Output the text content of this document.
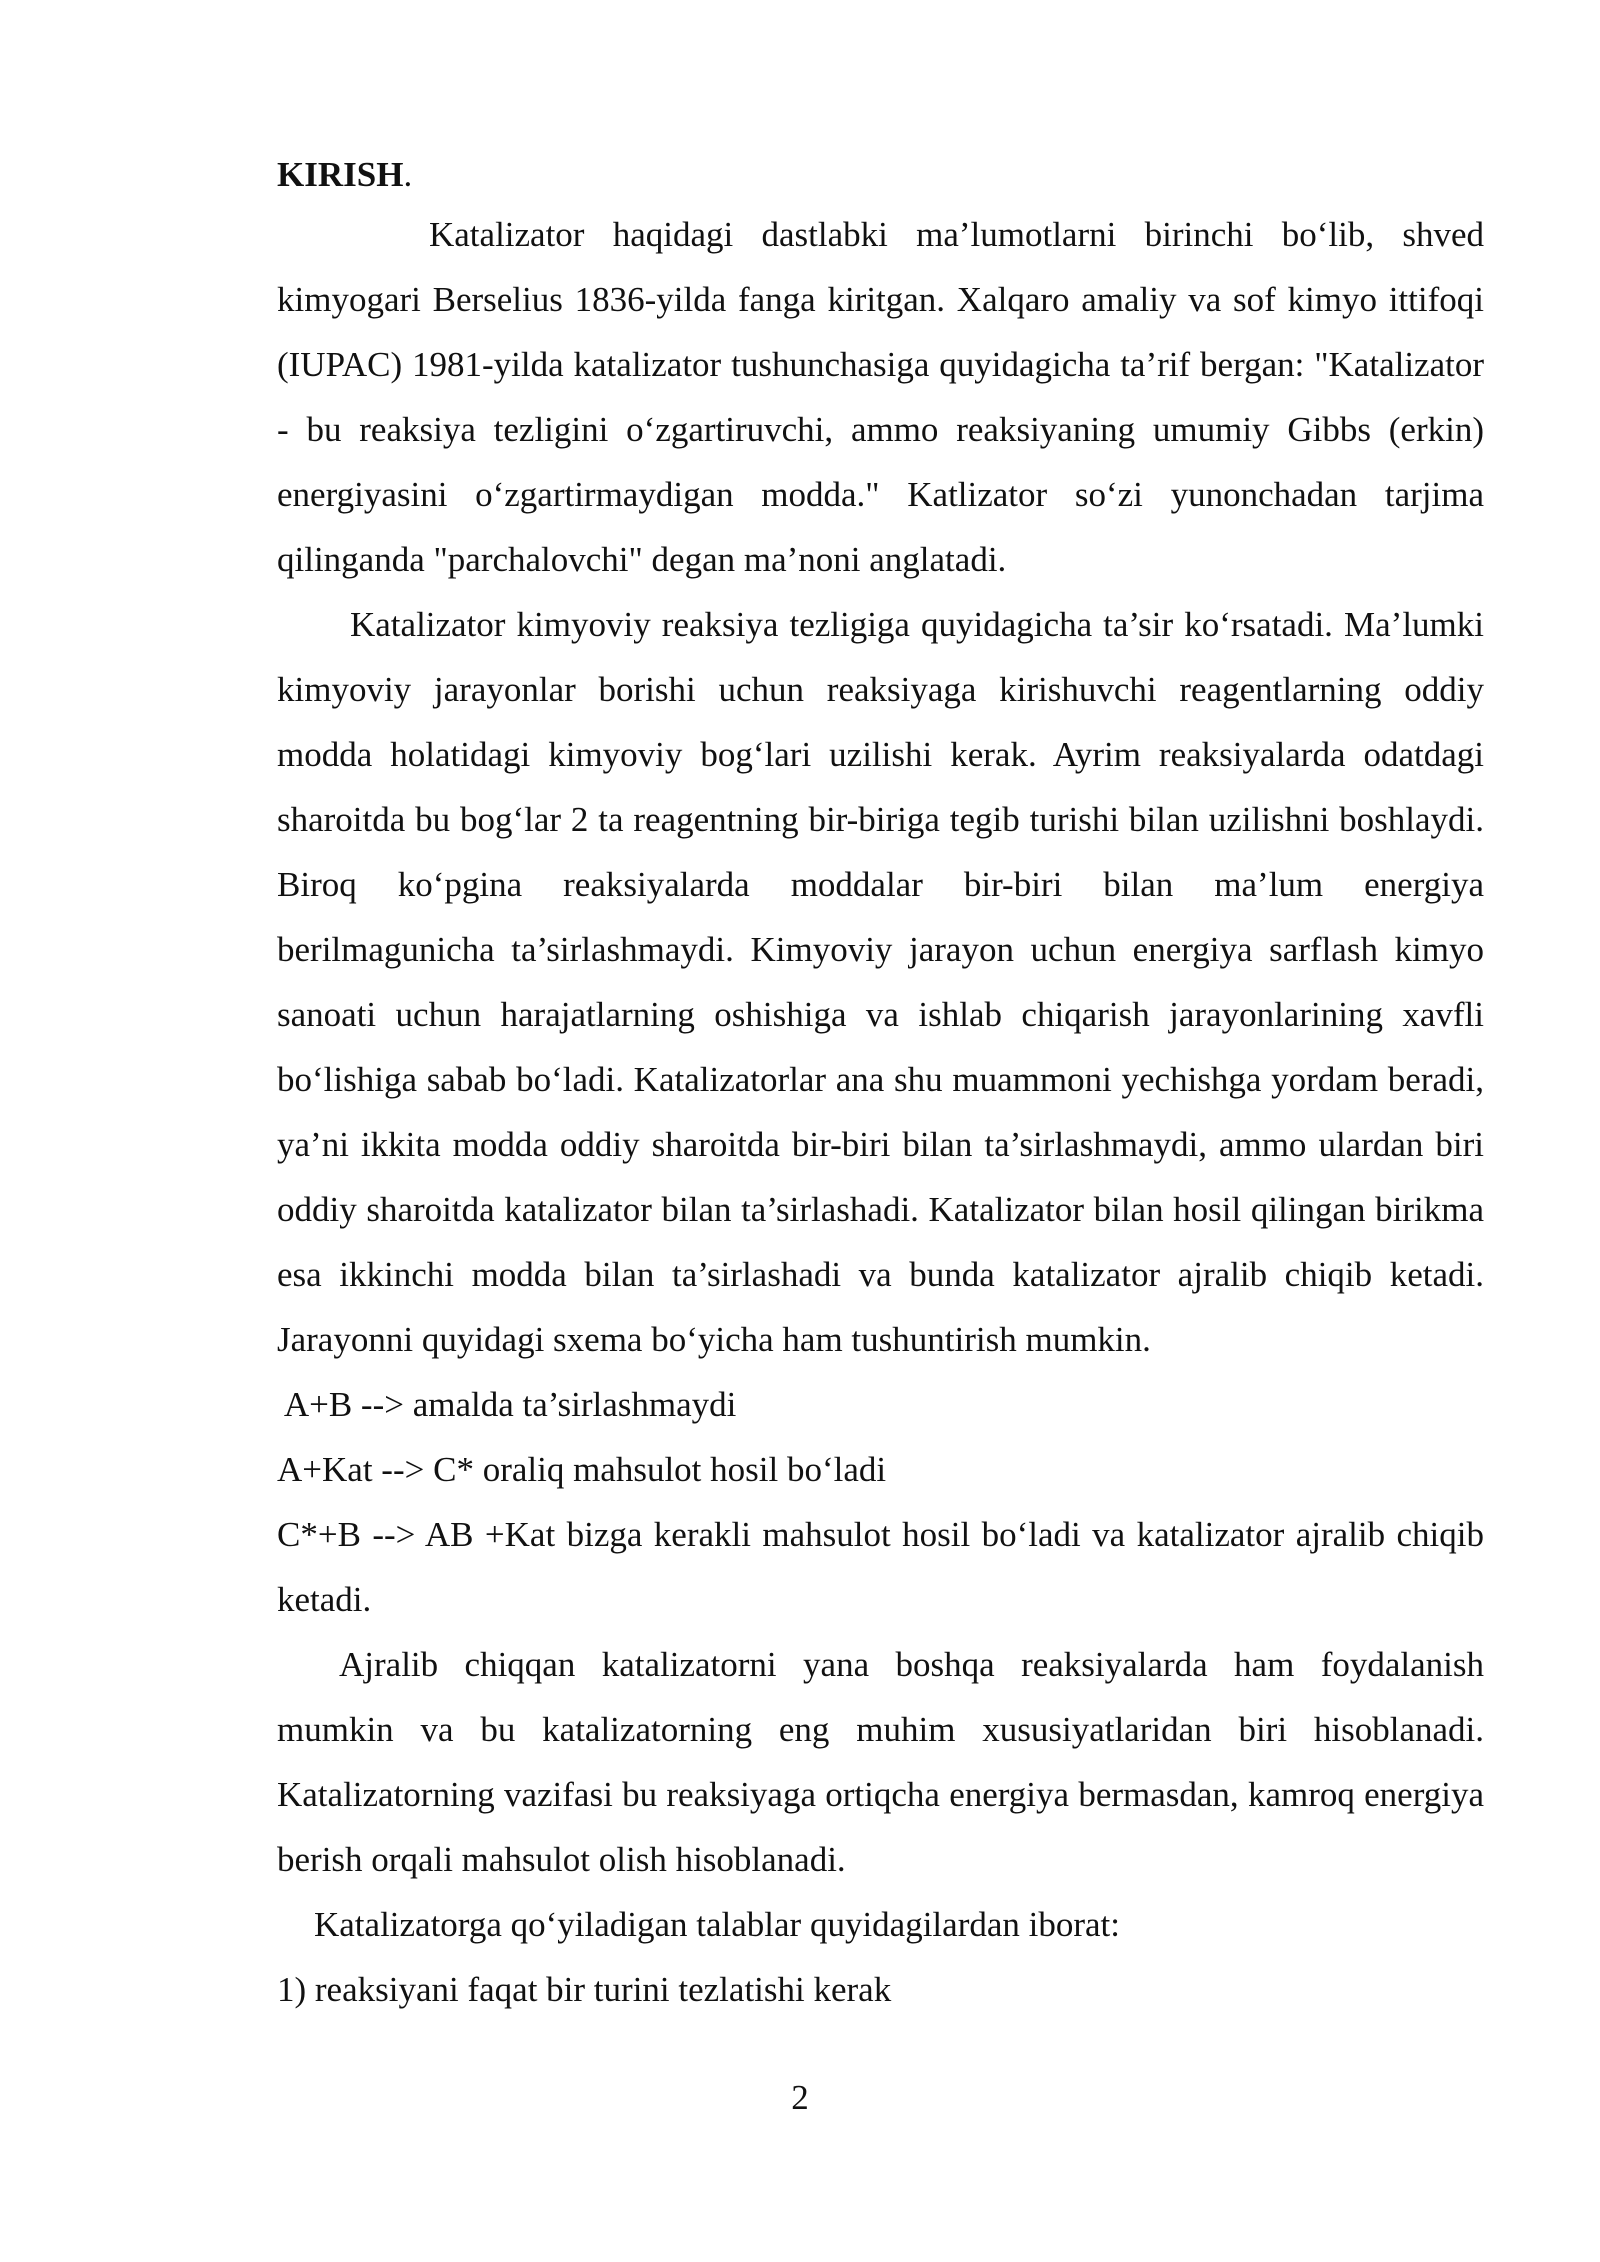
KIRISH.

Katalizator haqidagi dastlabki ma’lumotlarni birinchi bo‘lib, shved kimyogari Berselius 1836-yilda fanga kiritgan. Xalqaro amaliy va sof kimyo ittifoqi (IUPAC) 1981-yilda katalizator tushunchasiga quyidagicha ta’rif bergan: "Katalizator - bu reaksiya tezligini o‘zgartiruvchi, ammo reaksiyaning umumiy Gibbs (erkin) energiyasini o‘zgartirmaydigan modda." Katlizator so‘zi yunonchadan tarjima qilinganda "parchalovchi" degan ma’noni anglatadi.

Katalizator kimyoviy reaksiya tezligiga quyidagicha ta’sir ko‘rsatadi. Ma’lumki kimyoviy jarayonlar borishi uchun reaksiyaga kirishuvchi reagentlarning oddiy modda holatidagi kimyoviy bog‘lari uzilishi kerak. Ayrim reaksiyalarda odatdagi sharoitda bu bog‘lar 2 ta reagentning bir-biriga tegib turishi bilan uzilishni boshlaydi. Biroq ko‘pgina reaksiyalarda moddalar bir-biri bilan ma’lum energiya berilmagunicha ta’sirlashmaydi. Kimyoviy jarayon uchun energiya sarflash kimyo sanoati uchun harajatlarning oshishiga va ishlab chiqarish jarayonlarining xavfli bo‘lishiga sabab bo‘ladi. Katalizatorlar ana shu muammoni yechishga yordam beradi, ya’ni ikkita modda oddiy sharoitda bir-biri bilan ta’sirlashmaydi, ammo ulardan biri oddiy sharoitda katalizator bilan ta’sirlashadi. Katalizator bilan hosil qilingan birikma esa ikkinchi modda bilan ta’sirlashadi va bunda katalizator ajralib chiqib ketadi. Jarayonni quyidagi sxema bo‘yicha ham tushuntirish mumkin.

A+B --> amalda ta’sirlashmaydi

A+Kat --> C* oraliq mahsulot hosil bo‘ladi

C*+B --> AB +Kat bizga kerakli mahsulot hosil bo‘ladi va katalizator ajralib chiqib ketadi.

Ajralib chiqqan katalizatorni yana boshqa reaksiyalarda ham foydalanish mumkin va bu katalizatorning eng muhim xususiyatlaridan biri hisoblanadi. Katalizatorning vazifasi bu reaksiyaga ortiqcha energiya bermasdan, kamroq energiya berish orqali mahsulot olish hisoblanadi.

Katalizatorga qo‘yiladigan talablar quyidagilardan iborat:

1) reaksiyani faqat bir turini tezlatishi kerak

2
